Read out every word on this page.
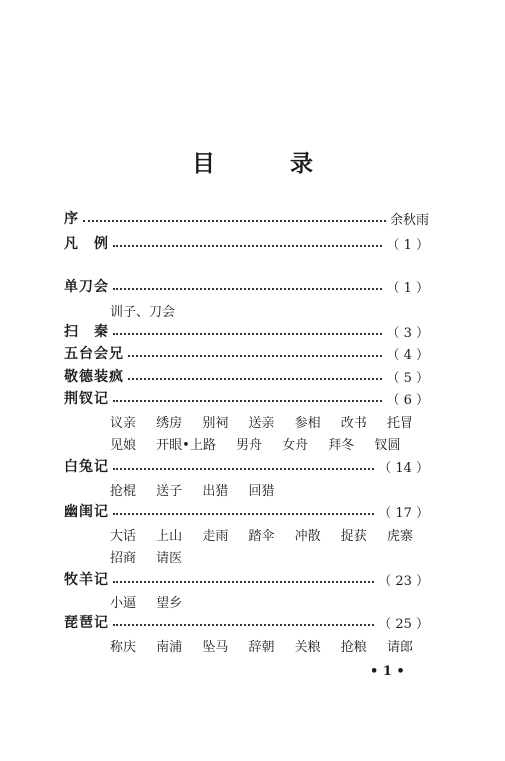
目　录
序	余秋雨
凡　例	（ 1 ）
单刀会	（ 1 ）
训子、刀会
扫　秦	（ 3 ）
五台会兄	（ 4 ）
敬德装疯	（ 5 ）
荆钗记	（ 6 ）
议亲 绣房 别祠 送亲 参相 改书 托冒
见娘 开眼•上路 男舟 女舟 拜冬 钗圆
白兔记	（ 14 ）
抢棍 送子 出猎 回猎
幽闺记	（ 17 ）
大话 上山 走雨 踏伞 冲散 捉获 虎寨
招商 请医
牧羊记	（ 23 ）
小逼 望乡
琵琶记	（ 25 ）
称庆 南浦 坠马 辞朝 关粮 抢粮 请郎
• 1 •
